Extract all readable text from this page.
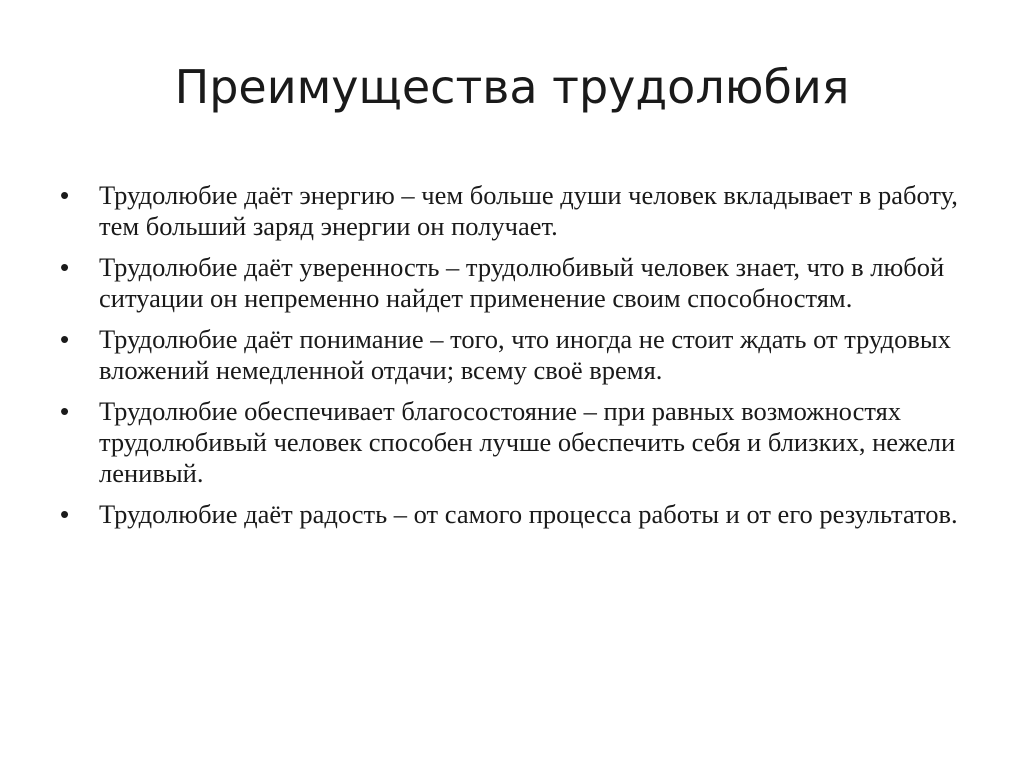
Преимущества трудолюбия
• Трудолюбие даёт энергию – чем больше души человек вкладывает в работу, тем больший заряд энергии он получает.
• Трудолюбие даёт уверенность – трудолюбивый человек знает, что в любой ситуации он непременно найдет применение своим способностям.
• Трудолюбие даёт понимание – того, что иногда не стоит ждать от трудовых вложений немедленной отдачи; всему своё время.
• Трудолюбие обеспечивает благосостояние – при равных возможностях трудолюбивый человек способен лучше обеспечить себя и близких, нежели ленивый.
• Трудолюбие даёт радость – от самого процесса работы и от его результатов.
